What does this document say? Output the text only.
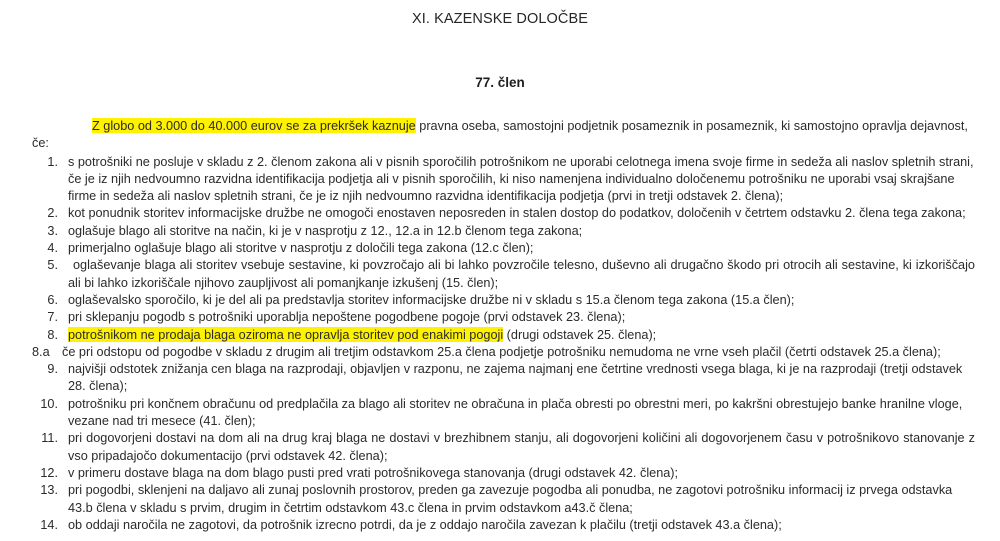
XI. KAZENSKE DOLOČBE
77. člen

Z globo od 3.000 do 40.000 eurov se za prekršek kaznuje pravna oseba, samostojni podjetnik posameznik in posameznik, ki samostojno opravlja dejavnost, če:

1. s potrošniki ne posluje v skladu z 2. členom zakona ali v pisnih sporočilih potrošnikom ne uporabi celotnega imena svoje firme in sedeža ali naslov spletnih strani, če je iz njih nedvoumno razvidna identifikacija podjetja ali v pisnih sporočilih, ki niso namenjena individualno določenemu potrošniku ne uporabi vsaj skrajšane firme in sedeža ali naslov spletnih strani, če je iz njih nedvoumno razvidna identifikacija podjetja (prvi in tretji odstavek 2. člena);
2. kot ponudnik storitev informacijske družbe ne omogoči enostaven neposreden in stalen dostop do podatkov, določenih v četrtem odstavku 2. člena tega zakona;
3. oglašuje blago ali storitve na način, ki je v nasprotju z 12., 12.a in 12.b členom tega zakona;
4. primerjalno oglašuje blago ali storitve v nasprotju z določili tega zakona (12.c člen);
5.	oglaševanje blaga ali storitev vsebuje sestavine, ki povzročajo ali bi lahko povzročile telesno, duševno ali drugačno škodo pri otrocih ali sestavine, ki izkoriščajo ali bi lahko izkoriščale njihovo zaupljivost ali pomanjkanje izkušenj (15. člen);
6. oglaševalsko sporočilo, ki je del ali pa predstavlja storitev informacijske družbe ni v skladu s 15.a členom tega zakona (15.a člen);
7. pri sklepanju pogodb s potrošniki uporablja nepoštene pogodbene pogoje (prvi odstavek 23. člena);
8. potrošnikom ne prodaja blaga oziroma ne opravlja storitev pod enakimi pogoji (drugi odstavek 25. člena);
8.a če pri odstopu od pogodbe v skladu z drugim ali tretjim odstavkom 25.a člena podjetje potrošniku nemudoma ne vrne vseh plačil (četrti odstavek 25.a člena);
9. najvišji odstotek znižanja cen blaga na razprodaji, objavljen v razponu, ne zajema najmanj ene četrtine vrednosti vsega blaga, ki je na razprodaji (tretji odstavek 28. člena);
10. potrošniku pri končnem obračunu od predplačila za blago ali storitev ne obračuna in plača obresti po obrestni meri, po kakršni obrestujejo banke hranilne vloge, vezane nad tri mesece (41. člen);
11. pri dogovorjeni dostavi na dom ali na drug kraj blaga ne dostavi v brezhibnem stanju, ali dogovorjeni količini ali dogovorjenem času v potrošnikovo stanovanje z vso pripadajočo dokumentacijo (prvi odstavek 42. člena);
12. v primeru dostave blaga na dom blago pusti pred vrati potrošnikovega stanovanja (drugi odstavek 42. člena);
13. pri pogodbi, sklenjeni na daljavo ali zunaj poslovnih prostorov, preden ga zavezuje pogodba ali ponudba, ne zagotovi potrošniku informacij iz prvega odstavka 43.b člena v skladu s prvim, drugim in četrtim odstavkom 43.c člena in prvim odstavkom a43.č člena;
14. ob oddaji naročila ne zagotovi, da potrošnik izrecno potrdi, da je z oddajo naročila zavezan k plačilu (tretji odstavek 43.a člena);
